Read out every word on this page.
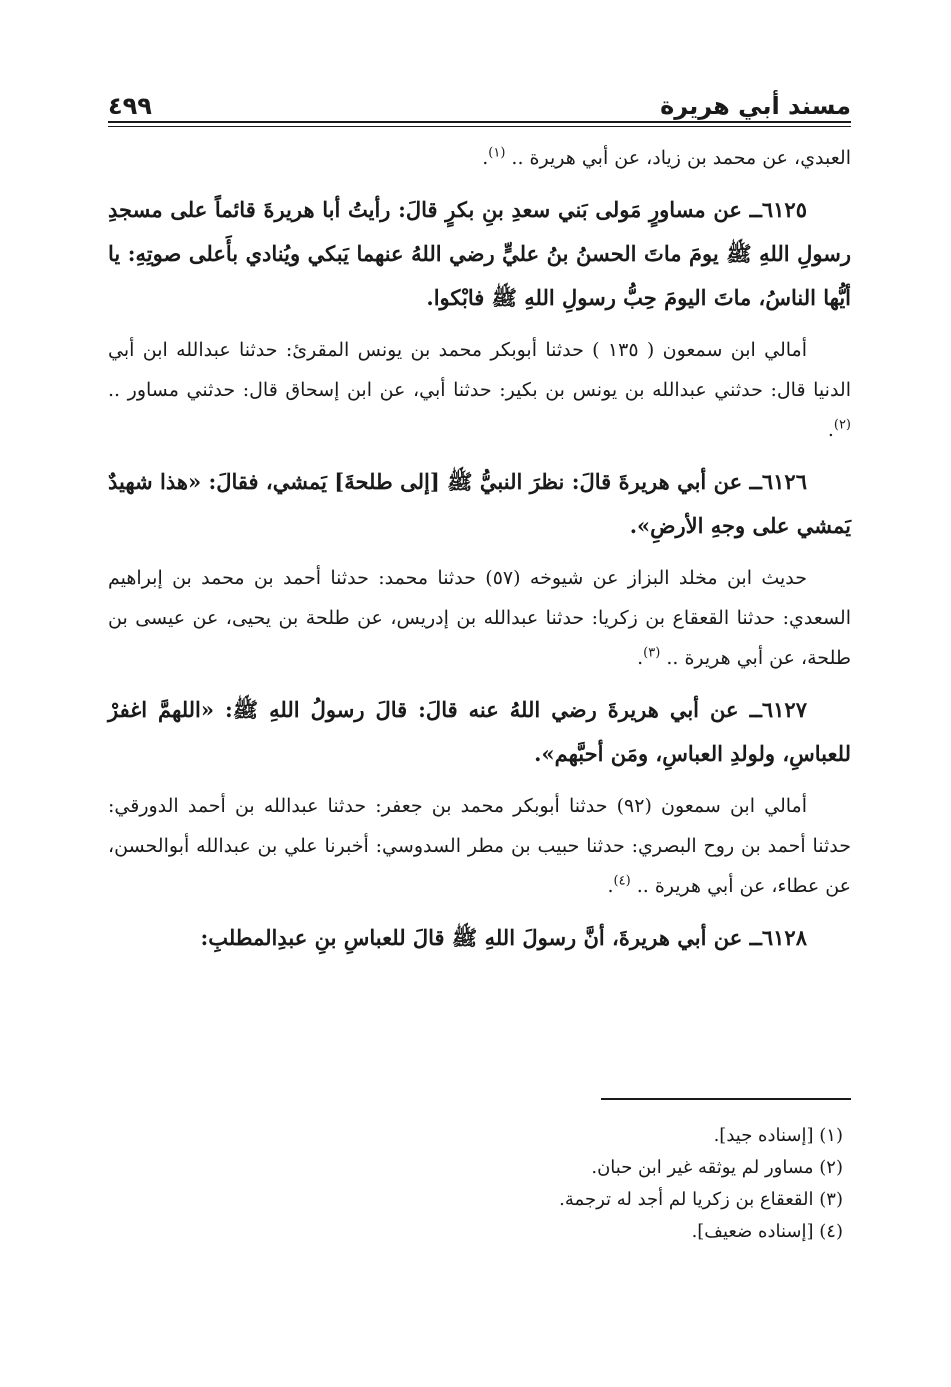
مسند أبي هريرة
٤٩٩

العبدي، عن محمد بن زياد، عن أبي هريرة .. $^{(١)}$.

٦١٢٥ــ عن مساورٍ مَولى بَني سعدِ بنِ بكرٍ قالَ: رأيتُ أبا هريرةَ قائماً على مسجدِ رسولِ اللهِ ﷺ يومَ ماتَ الحسنُ بنُ عليٍّ رضي اللهُ عنهما يَبكي ويُنادي بأَعلى صوتِهِ: يا أيُّها الناسُ، ماتَ اليومَ حِبُّ رسولِ اللهِ ﷺ فابْكوا.

أمالي ابن سمعون ( ١٣٥ ) حدثنا أبوبكر محمد بن يونس المقرئ: حدثنا عبدالله ابن أبي الدنيا قال: حدثني عبدالله بن يونس بن بكير: حدثنا أبي، عن ابن إسحاق قال: حدثني مساور .. $^{(٢)}$.

٦١٢٦ــ عن أبي هريرةَ قالَ: نظرَ النبيُّ ﷺ [إلى طلحةَ] يَمشي، فقالَ: «هذا شهيدٌ يَمشي على وجهِ الأرضِ».

حديث ابن مخلد البزاز عن شيوخه (٥٧) حدثنا محمد: حدثنا أحمد بن محمد بن إبراهيم السعدي: حدثنا القعقاع بن زكريا: حدثنا عبدالله بن إدريس، عن طلحة بن يحيى، عن عيسى بن طلحة، عن أبي هريرة .. $^{(٣)}$.

٦١٢٧ــ عن أبي هريرةَ رضي اللهُ عنه قالَ: قالَ رسولُ اللهِ ﷺ: «اللهمَّ اغفرْ للعباسِ، ولولدِ العباسِ، ومَن أحبَّهم».

أمالي ابن سمعون (٩٢) حدثنا أبوبكر محمد بن جعفر: حدثنا عبدالله بن أحمد الدورقي: حدثنا أحمد بن روح البصري: حدثنا حبيب بن مطر السدوسي: أخبرنا علي بن عبدالله أبوالحسن، عن عطاء، عن أبي هريرة .. $^{(٤)}$.

٦١٢٨ــ عن أبي هريرةَ، أنَّ رسولَ اللهِ ﷺ قالَ للعباسِ بنِ عبدِالمطلبِ:

(١) [إسناده جيد].

(٢) مساور لم يوثقه غير ابن حبان.

(٣) القعقاع بن زكريا لم أجد له ترجمة.

(٤) [إسناده ضعيف].
